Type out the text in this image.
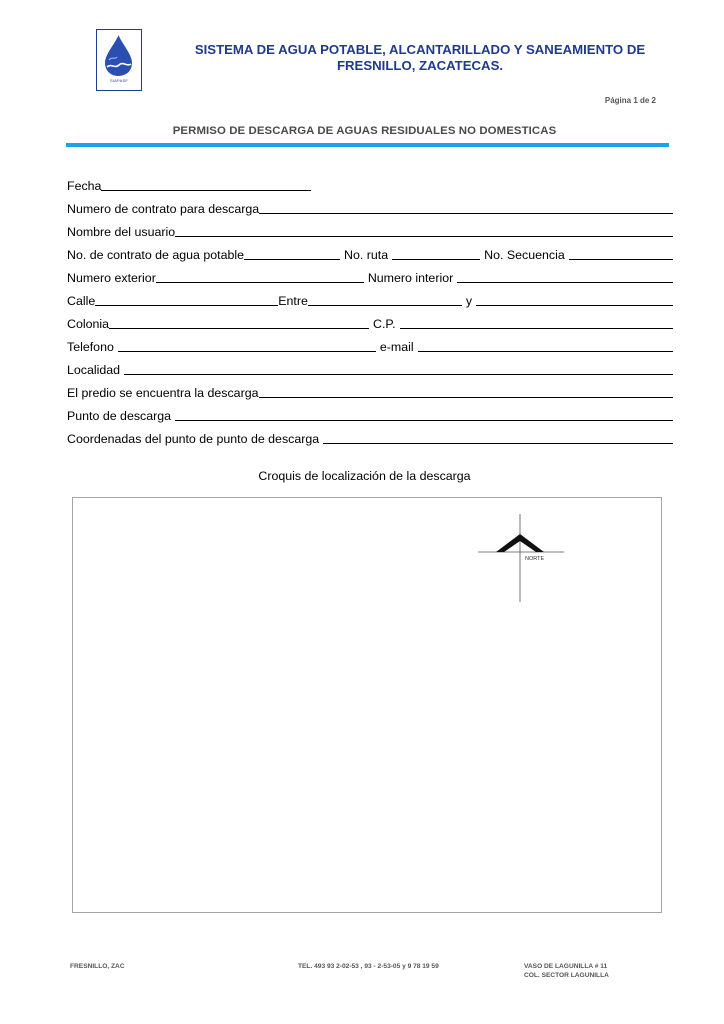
SIAPASF
SISTEMA DE AGUA POTABLE, ALCANTARILLADO Y SANEAMIENTO DE
FRESNILLO, ZACATECAS.
Página 1 de 2
PERMISO DE DESCARGA DE AGUAS RESIDUALES NO DOMESTICAS
Fecha
Numero de contrato para descarga
Nombre del usuario
No. de contrato de agua potable	No. ruta	No. Secuencia
Numero exterior	Numero interior
Calle	Entre	y
Colonia	C.P.
Telefono	e-mail
Localidad
El predio se encuentra la descarga
Punto de descarga
Coordenadas del punto de punto de descarga
Croquis de localización de la descarga
NORTE
FRESNILLO, ZAC	TEL. 493 93 2-02-53 , 93 - 2-53-05 y 9 78 19 59	VASO DE LAGUNILLA # 11
COL. SECTOR LAGUNILLA
